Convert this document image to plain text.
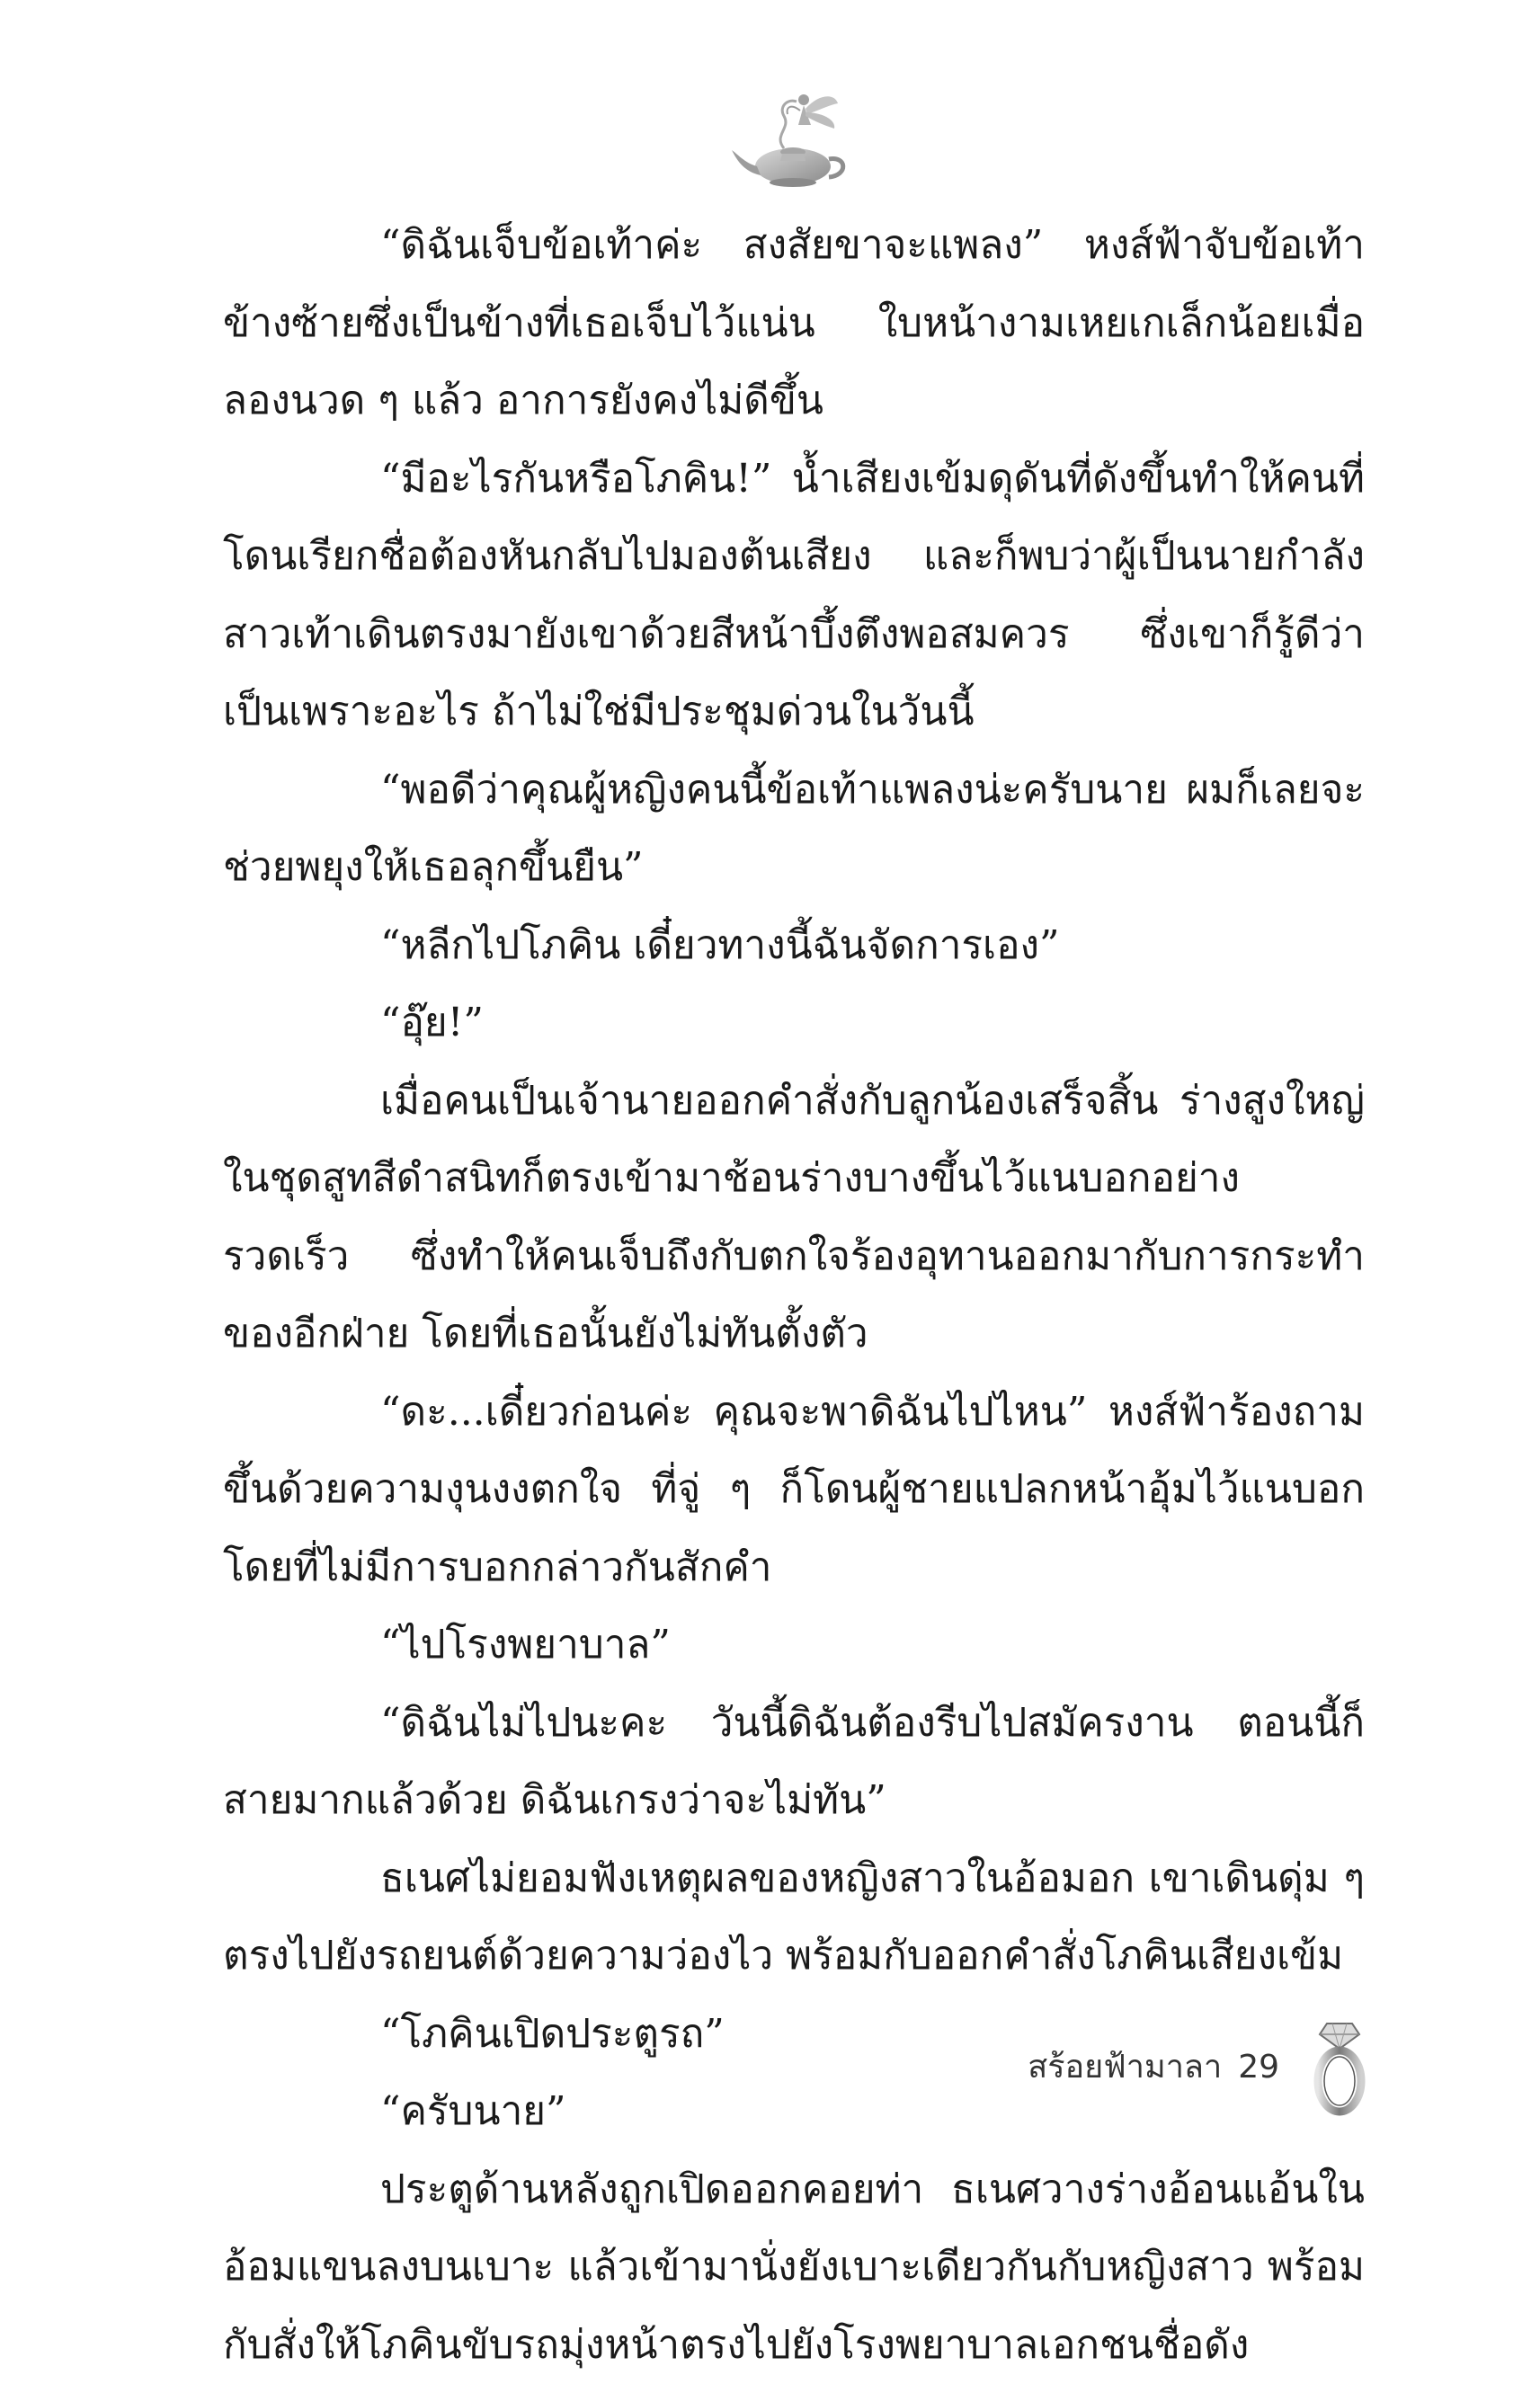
“ดิฉันเจ็บข้อเท้าค่ะ สงสัยขาจะแพลง” หงส์ฟ้าจับข้อเท้าข้างซ้ายซึ่งเป็นข้างที่เธอเจ็บไว้แน่น ใบหน้างามเหยเกเล็กน้อยเมื่อลองนวด ๆ แล้ว อาการยังคงไม่ดีขึ้น

“มีอะไรกันหรือโภคิน!” น้ำเสียงเข้มดุดันที่ดังขึ้นทำให้คนที่โดนเรียกชื่อต้องหันกลับไปมองต้นเสียง และก็พบว่าผู้เป็นนายกำลังสาวเท้าเดินตรงมายังเขาด้วยสีหน้าบึ้งตึงพอสมควร ซึ่งเขาก็รู้ดีว่าเป็นเพราะอะไร ถ้าไม่ใช่มีประชุมด่วนในวันนี้

“พอดีว่าคุณผู้หญิงคนนี้ข้อเท้าแพลงน่ะครับนาย ผมก็เลยจะช่วยพยุงให้เธอลุกขึ้นยืน”

“หลีกไปโภคิน เดี๋ยวทางนี้ฉันจัดการเอง”

“อุ๊ย!”

เมื่อคนเป็นเจ้านายออกคำสั่งกับลูกน้องเสร็จสิ้น ร่างสูงใหญ่ในชุดสูทสีดำสนิทก็ตรงเข้ามาช้อนร่างบางขึ้นไว้แนบอกอย่างรวดเร็ว ซึ่งทำให้คนเจ็บถึงกับตกใจร้องอุทานออกมากับการกระทำของอีกฝ่าย โดยที่เธอนั้นยังไม่ทันตั้งตัว

“ดะ...เดี๋ยวก่อนค่ะ คุณจะพาดิฉันไปไหน” หงส์ฟ้าร้องถามขึ้นด้วยความงุนงงตกใจ ที่จู่ ๆ ก็โดนผู้ชายแปลกหน้าอุ้มไว้แนบอก โดยที่ไม่มีการบอกกล่าวกันสักคำ

“ไปโรงพยาบาล”

“ดิฉันไม่ไปนะคะ วันนี้ดิฉันต้องรีบไปสมัครงาน ตอนนี้ก็สายมากแล้วด้วย ดิฉันเกรงว่าจะไม่ทัน”

ธเนศไม่ยอมฟังเหตุผลของหญิงสาวในอ้อมอก เขาเดินดุ่ม ๆ ตรงไปยังรถยนต์ด้วยความว่องไว พร้อมกับออกคำสั่งโภคินเสียงเข้ม

“โภคินเปิดประตูรถ”

“ครับนาย”

ประตูด้านหลังถูกเปิดออกคอยท่า ธเนศวางร่างอ้อนแอ้นในอ้อมแขนลงบนเบาะ แล้วเข้ามานั่งยังเบาะเดียวกันกับหญิงสาว พร้อมกับสั่งให้โภคินขับรถมุ่งหน้าตรงไปยังโรงพยาบาลเอกชนชื่อดัง

สร้อยฟ้ามาลา 29
